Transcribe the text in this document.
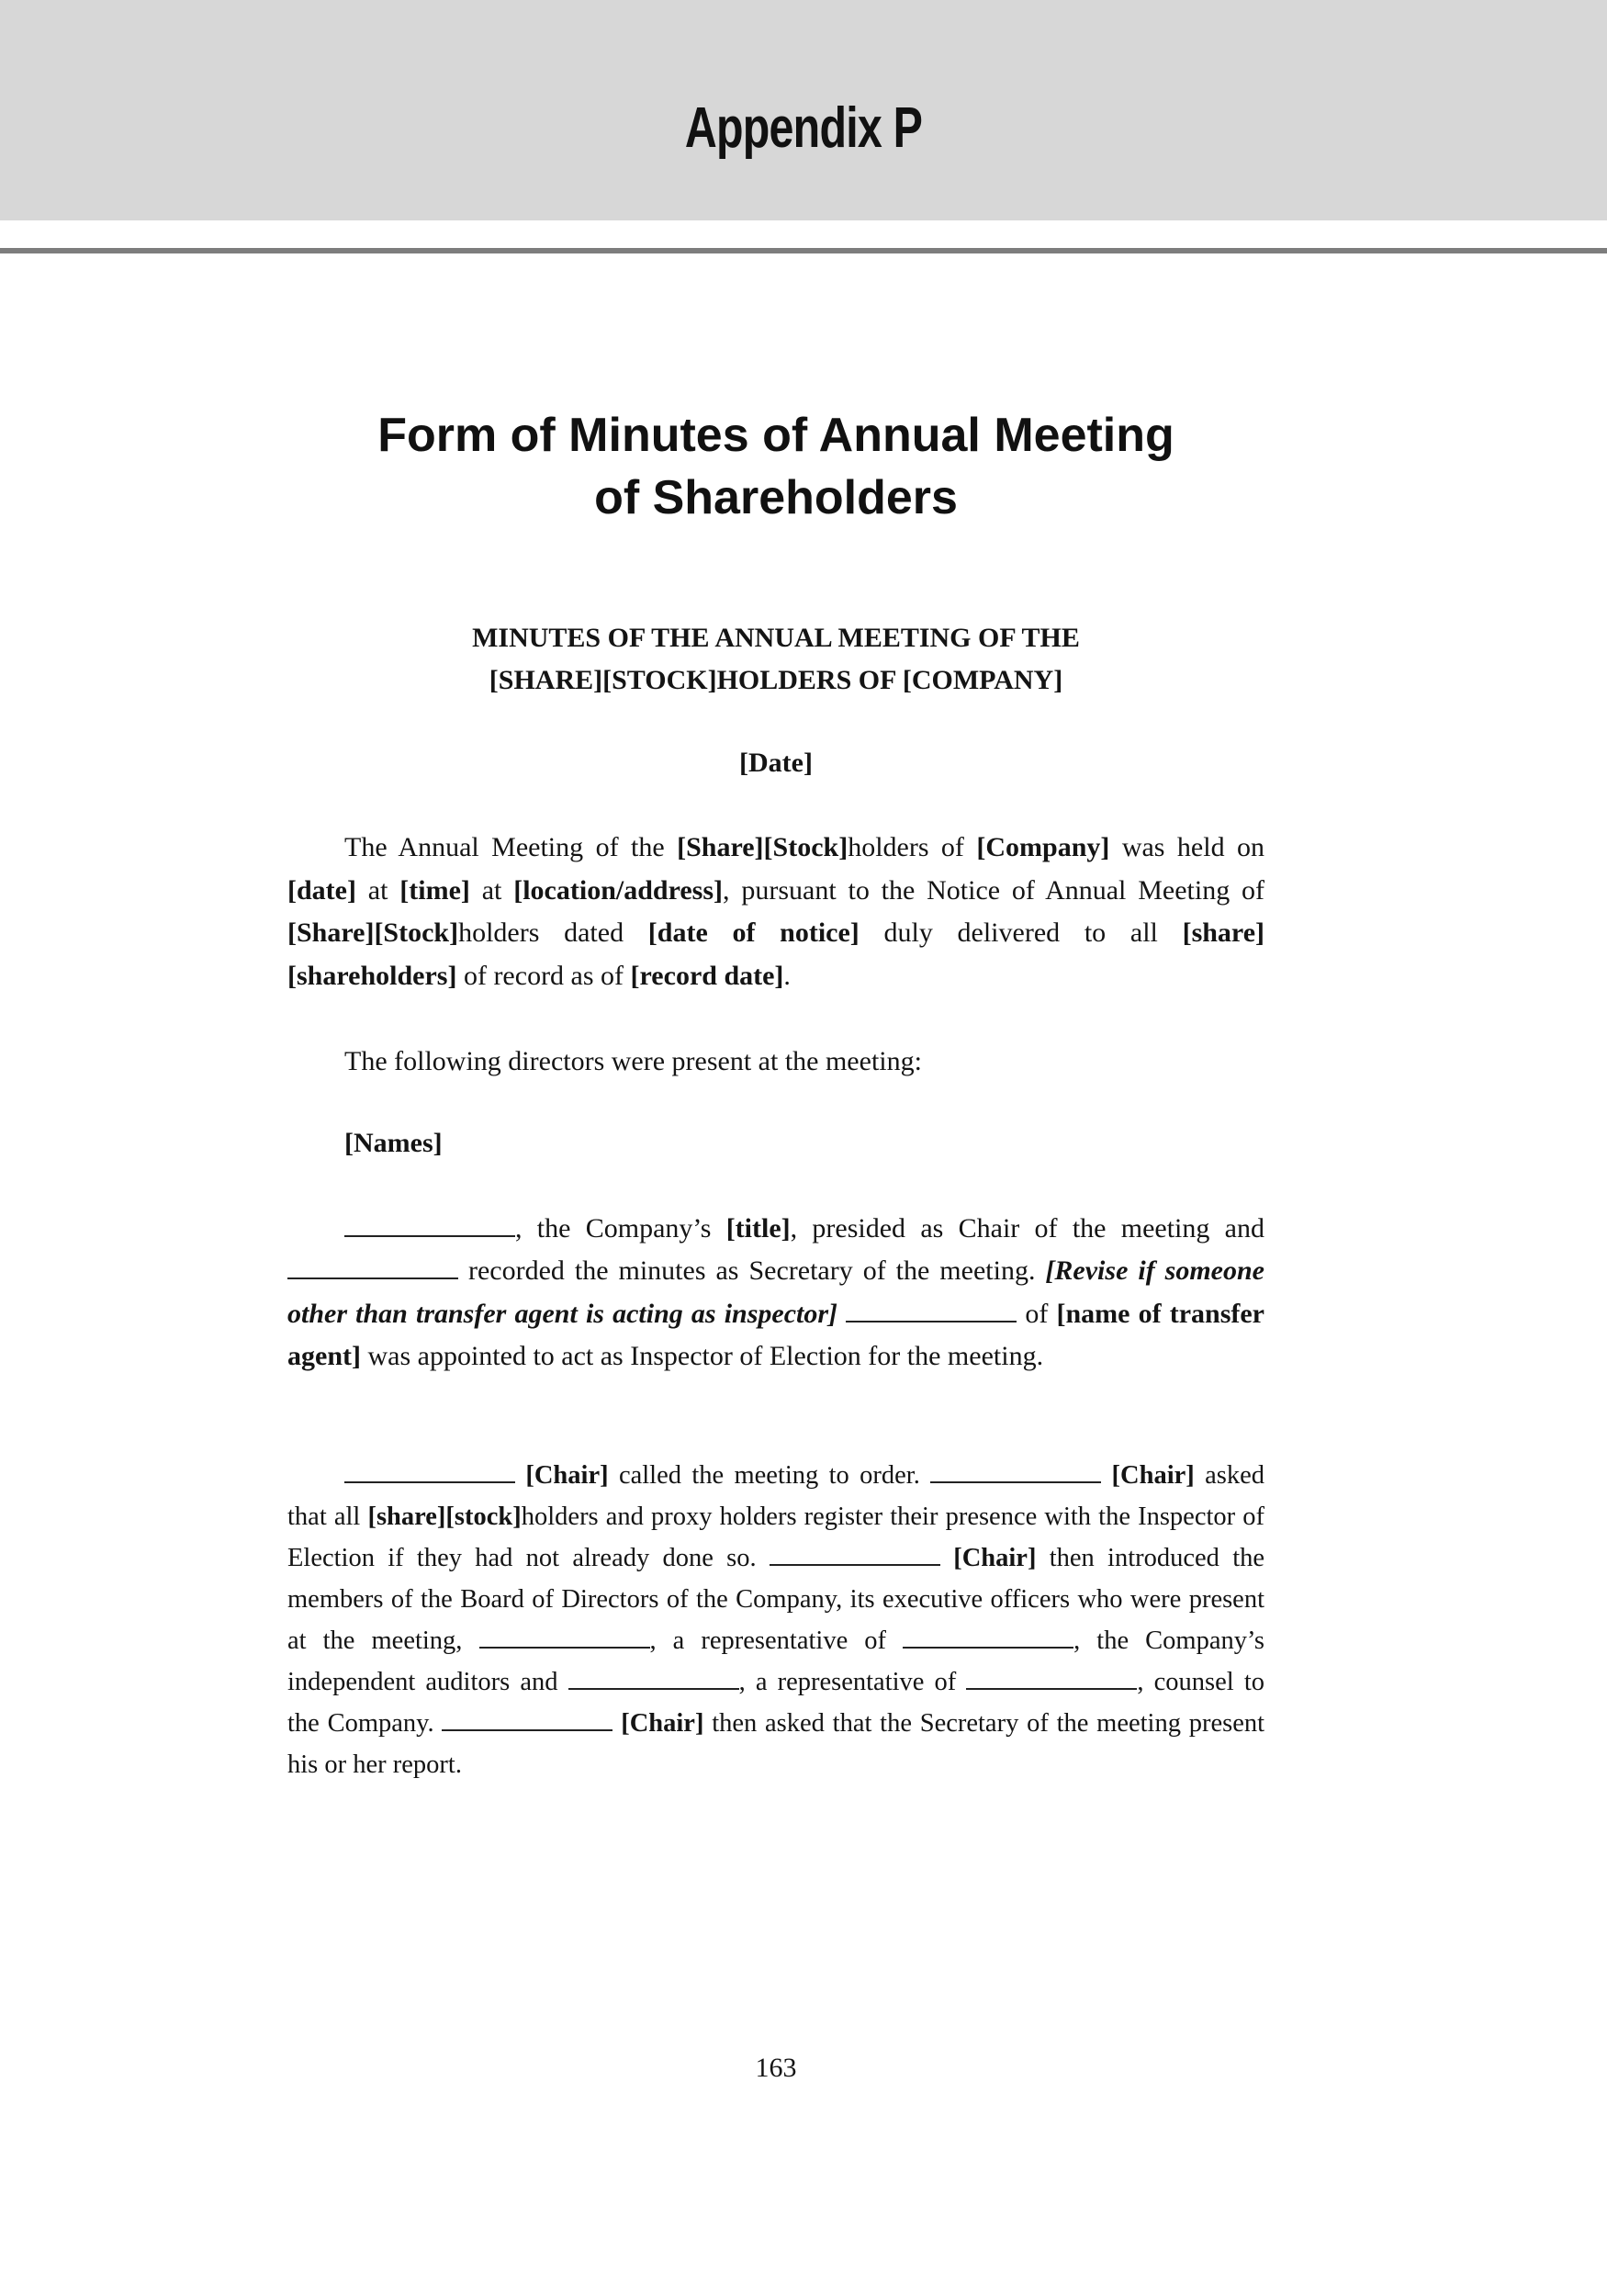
Appendix P
Form of Minutes of Annual Meeting
of Shareholders
MINUTES OF THE ANNUAL MEETING OF THE
[SHARE][STOCK]HOLDERS OF [COMPANY]
[Date]

The Annual Meeting of the [Share][Stock]holders of [Company] was held on [date] at [time] at [location/address], pursuant to the Notice of Annual Meeting of [Share][Stock]holders dated [date of notice] duly delivered to all [share][shareholders] of record as of [record date].

The following directors were present at the meeting:

[Names]

, the Company’s [title], presided as Chair of the meeting and  recorded the minutes as Secretary of the meeting. [Revise if someone other than transfer agent is acting as inspector]	of [name of transfer agent] was appointed to act as Inspector of Election for the meeting.

[Chair] called the meeting to order.	[Chair] asked that all [share][stock]holders and proxy holders register their presence with the Inspector of Election if they had not already done so.	[Chair] then introduced the members of the Board of Directors of the Company, its executive officers who were present at the meeting,	, a representative of	, the Company’s independent auditors and	, a representative of	, counsel to the Company.	[Chair] then asked that the Secretary of the meeting present his or her report.

163
